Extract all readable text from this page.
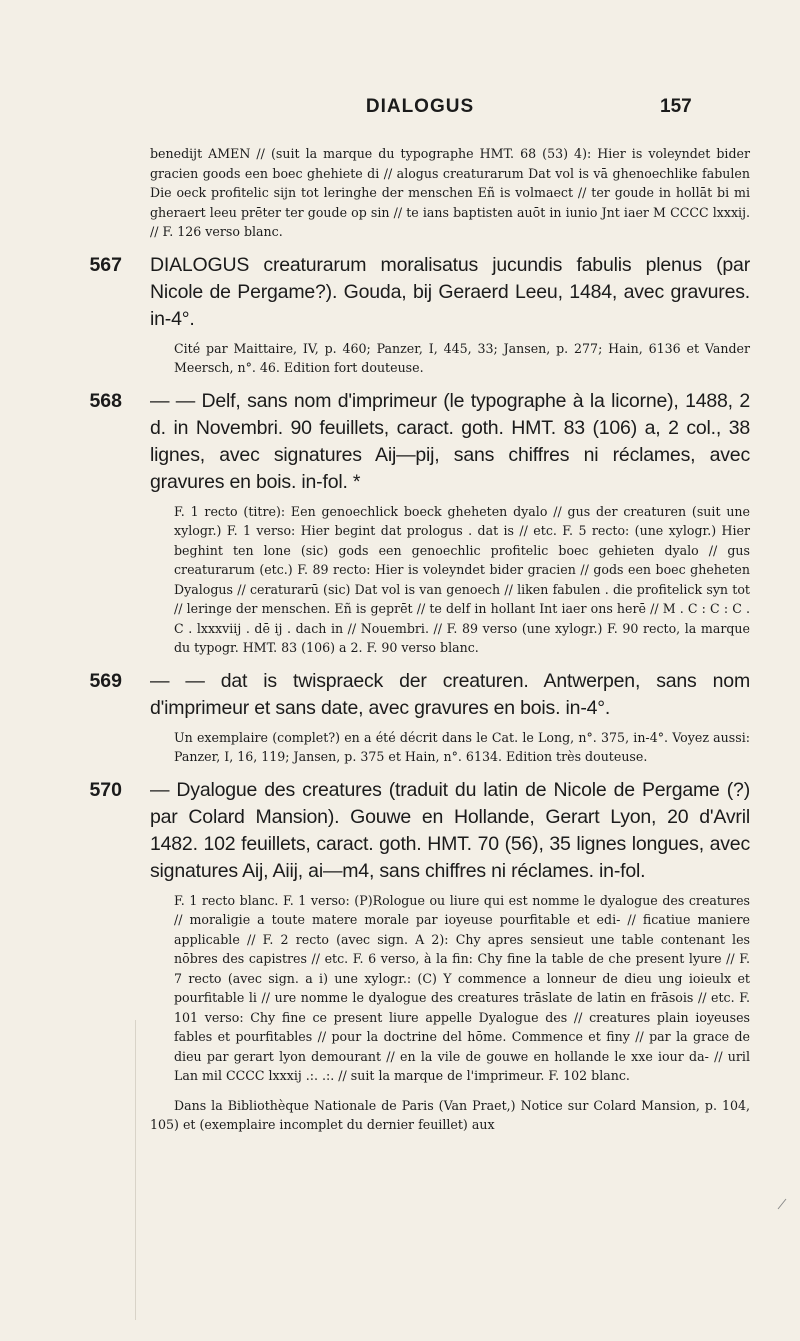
DIALOGUS	157

benedijt AMEN // (suit la marque du typographe HMT. 68 (53) 4): Hier is voleyndet bider gracien goods een boec ghehiete di // alogus creaturarum Dat vol is vā ghenoechlike fabulen Die oeck profitelic sijn tot leringhe der menschen Eñ is volmaect // ter goude in hollāt bi mi gheraert leeu prēter ter goude op sin // te ians baptisten auōt in iunio Jnt iaer M CCCC lxxxij. // F. 126 verso blanc.

567 DIALOGUS creaturarum moralisatus jucundis fabulis plenus (par Nicole de Pergame?). Gouda, bij Geraerd Leeu, 1484, avec gravures. in-4°.

Cité par Maittaire, IV, p. 460; Panzer, I, 445, 33; Jansen, p. 277; Hain, 6136 et Vander Meersch, n°. 46. Edition fort douteuse.

568 — — Delf, sans nom d'imprimeur (le typographe à la licorne), 1488, 2 d. in Novembri. 90 feuillets, caract. goth. HMT. 83 (106) a, 2 col., 38 lignes, avec signatures Aij—pij, sans chiffres ni réclames, avec gravures en bois. in-fol. *

F. 1 recto (titre): Een genoechlick boeck gheheten dyalo // gus der creaturen (suit une xylogr.) F. 1 verso: Hier begint dat prologus . dat is // etc. F. 5 recto: (une xylogr.) Hier beghint ten lone (sic) gods een genoechlic profitelic boec gehieten dyalo // gus creaturarum (etc.) F. 89 recto: Hier is voleyndet bider gracien // gods een boec gheheten Dyalogus // ceraturarū (sic) Dat vol is van genoech // liken fabulen . die profitelick syn tot // leringe der menschen. Eñ is geprēt // te delf in hollant Int iaer ons herē // M . C : C : C . C . lxxxviij . dē ij . dach in // Nouembri. // F. 89 verso (une xylogr.) F. 90 recto, la marque du typogr. HMT. 83 (106) a 2. F. 90 verso blanc.

569 — — dat is twispraeck der creaturen. Antwerpen, sans nom d'imprimeur et sans date, avec gravures en bois. in-4°.

Un exemplaire (complet?) en a été décrit dans le Cat. le Long, n°. 375, in-4°. Voyez aussi: Panzer, I, 16, 119; Jansen, p. 375 et Hain, n°. 6134. Edition très douteuse.

570 — Dyalogue des creatures (traduit du latin de Nicole de Pergame (?) par Colard Mansion). Gouwe en Hollande, Gerart Lyon, 20 d'Avril 1482. 102 feuillets, caract. goth. HMT. 70 (56), 35 lignes longues, avec signatures Aij, Aiij, ai—m4, sans chiffres ni réclames. in-fol.

F. 1 recto blanc. F. 1 verso: (P)Rologue ou liure qui est nomme le dyalogue des creatures // moraligie a toute matere morale par ioyeuse pourfitable et edi- // ficatiue maniere applicable // F. 2 recto (avec sign. A 2): Chy apres sensieut une table contenant les nōbres des capistres // etc. F. 6 verso, à la fin: Chy fine la table de che present lyure // F. 7 recto (avec sign. a i) une xylogr.: (C) Y commence a lonneur de dieu ung ioieulx et pourfitable li // ure nomme le dyalogue des creatures trāslate de latin en frāsois // etc. F. 101 verso: Chy fine ce present liure appelle Dyalogue des // creatures plain ioyeuses fables et pourfitables // pour la doctrine del hōme. Commence et finy // par la grace de dieu par gerart lyon demourant // en la vile de gouwe en hollande le xxe iour da- // uril Lan mil CCCC lxxxij .:. .:. // suit la marque de l'imprimeur. F. 102 blanc.

Dans la Bibliothèque Nationale de Paris (Van Praet,) Notice sur Colard Mansion, p. 104, 105) et (exemplaire incomplet du dernier feuillet) aux
